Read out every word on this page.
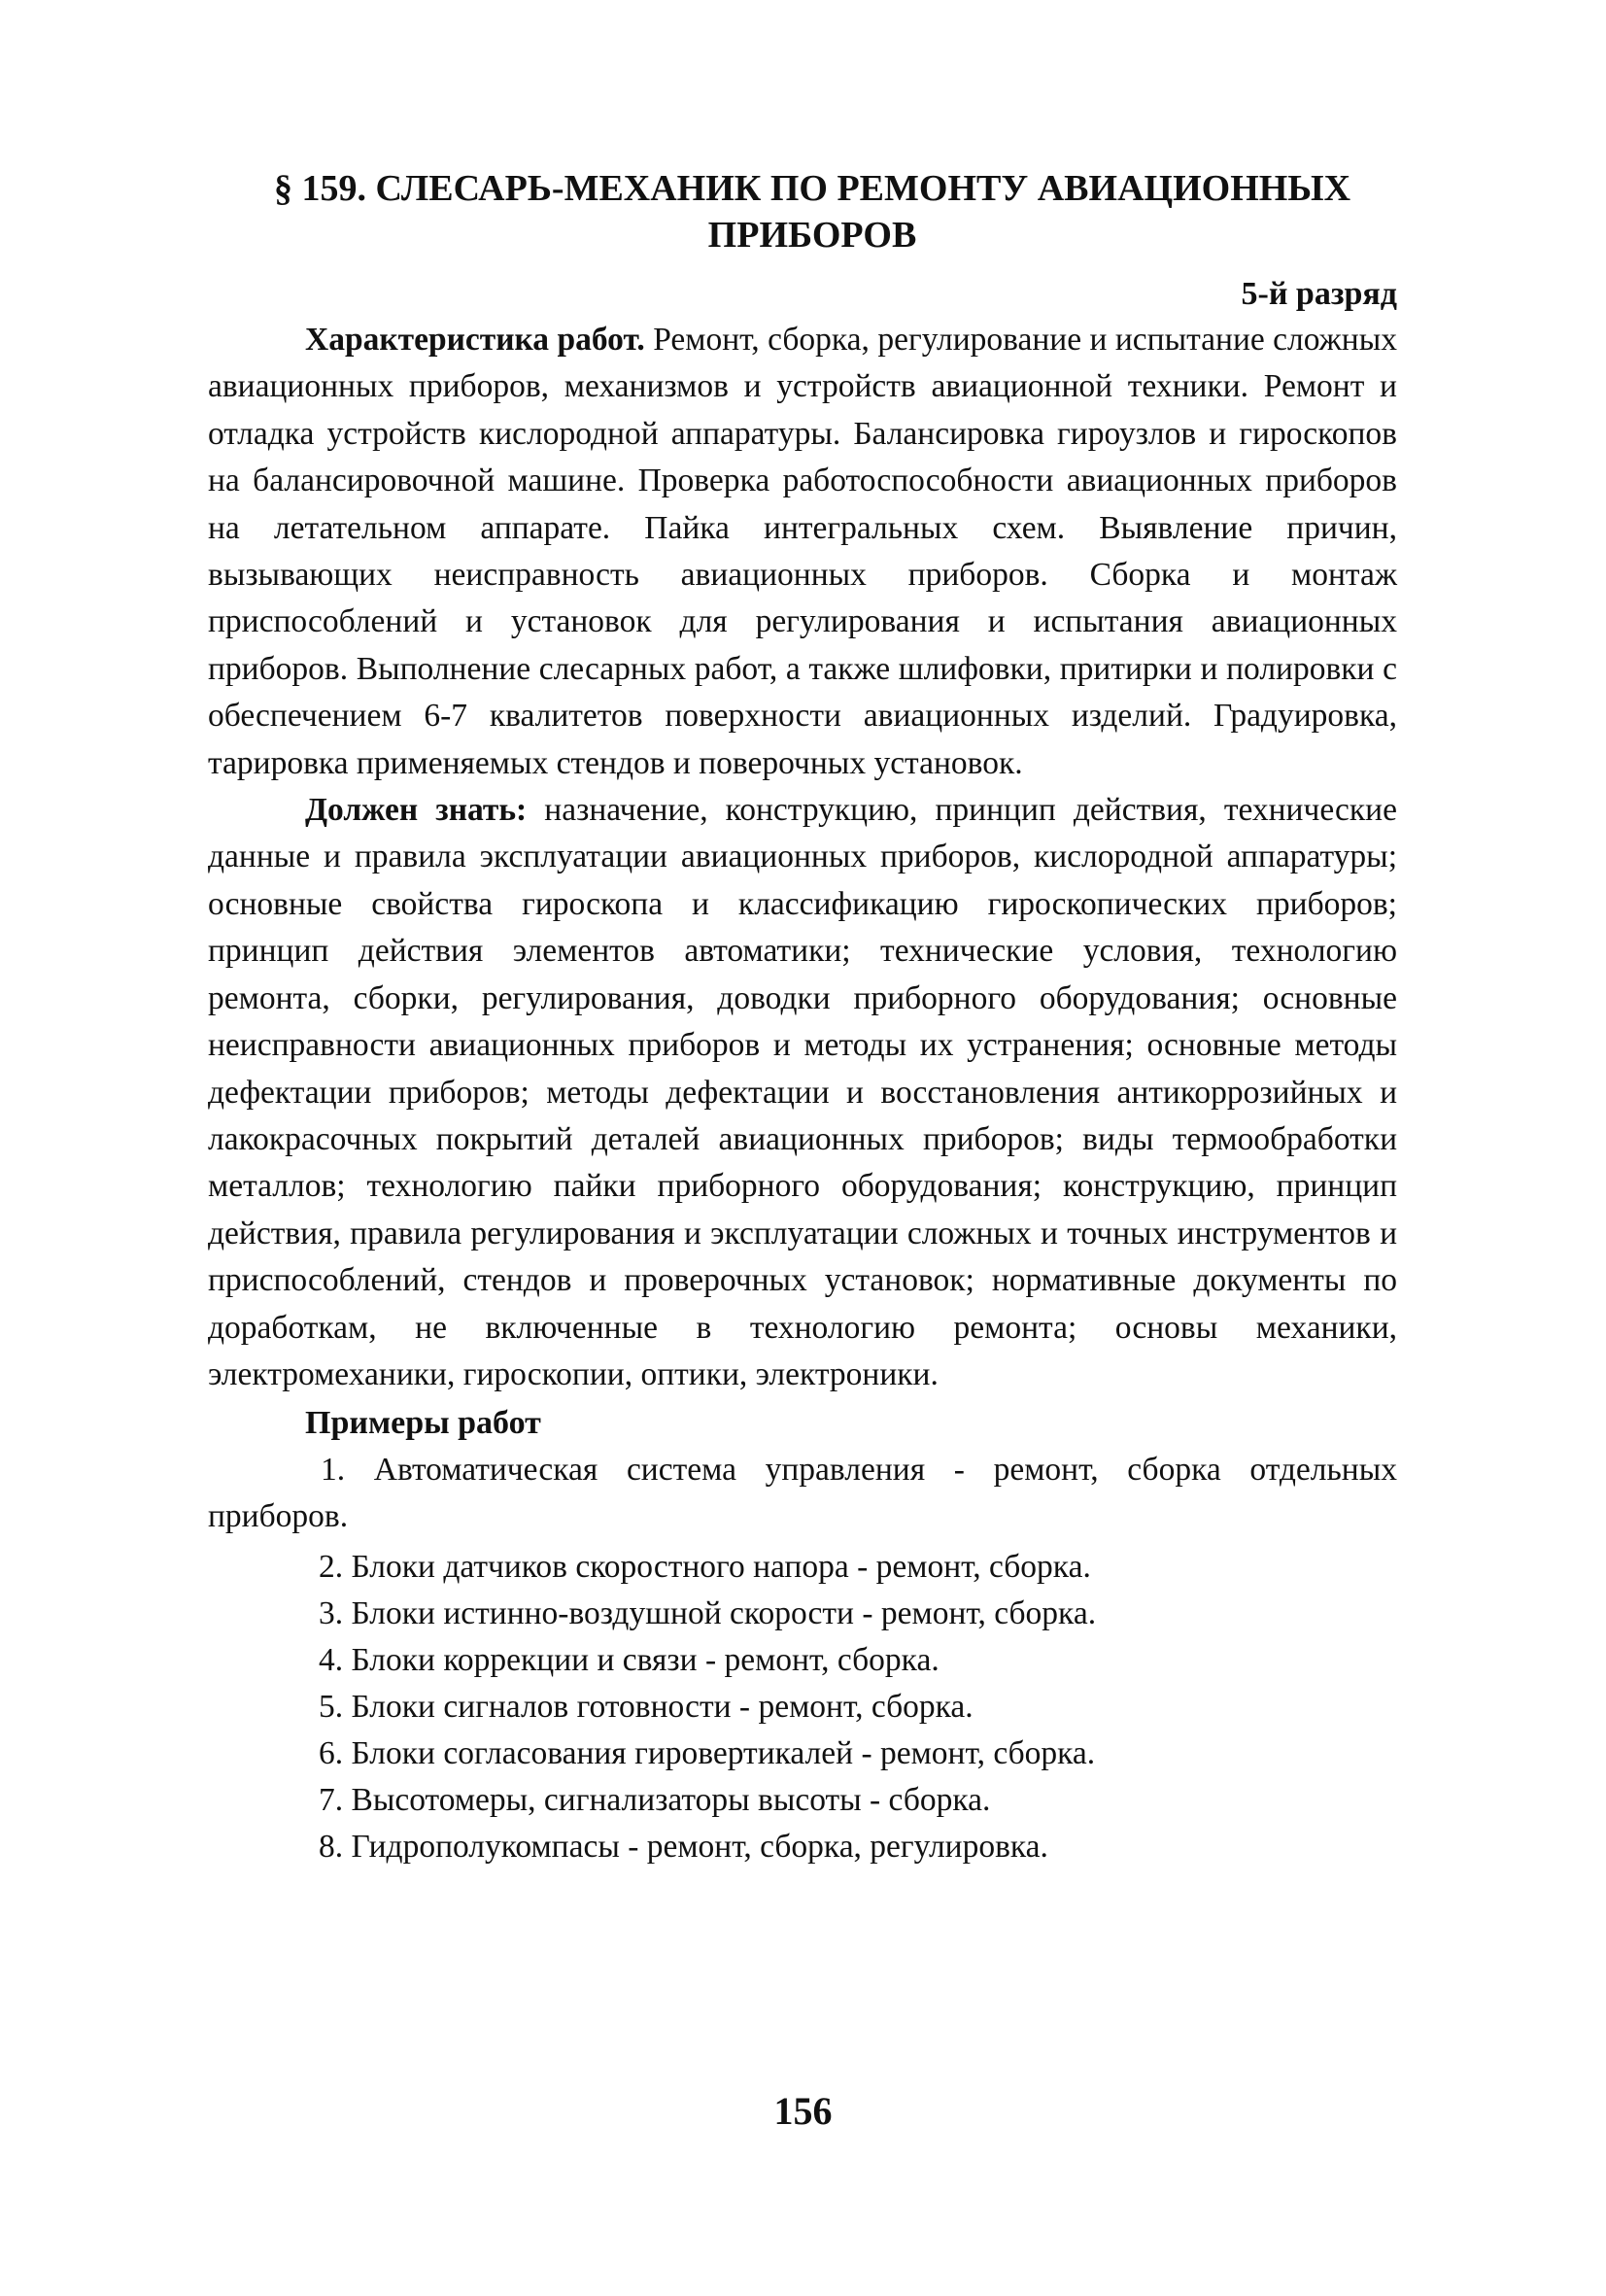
§ 159. СЛЕСАРЬ-МЕХАНИК ПО РЕМОНТУ АВИАЦИОННЫХ ПРИБОРОВ
5-й разряд

Характеристика работ. Ремонт, сборка, регулирование и испытание сложных авиационных приборов, механизмов и устройств авиационной техники. Ремонт и отладка устройств кислородной аппаратуры. Балансировка гироузлов и гироскопов на балансировочной машине. Проверка работоспособности авиационных приборов на летательном аппарате. Пайка интегральных схем. Выявление причин, вызывающих неисправность авиационных приборов. Сборка и монтаж приспособлений и установок для регулирования и испытания авиационных приборов. Выполнение слесарных работ, а также шлифовки, притирки и полировки с обеспечением 6-7 квалитетов поверхности авиационных изделий. Градуировка, тарировка применяемых стендов и поверочных установок.

Должен знать: назначение, конструкцию, принцип действия, технические данные и правила эксплуатации авиационных приборов, кислородной аппаратуры; основные свойства гироскопа и классификацию гироскопических приборов; принцип действия элементов автоматики; технические условия, технологию ремонта, сборки, регулирования, доводки приборного оборудования; основные неисправности авиационных приборов и методы их устранения; основные методы дефектации приборов; методы дефектации и восстановления антикоррозийных и лакокрасочных покрытий деталей авиационных приборов; виды термообработки металлов; технологию пайки приборного оборудования; конструкцию, принцип действия, правила регулирования и эксплуатации сложных и точных инструментов и приспособлений, стендов и проверочных установок; нормативные документы по доработкам, не включенные в технологию ремонта; основы механики, электромеханики, гироскопии, оптики, электроники.

Примеры работ

1. Автоматическая система управления - ремонт, сборка отдельных приборов.

2. Блоки датчиков скоростного напора - ремонт, сборка.

3. Блоки истинно-воздушной скорости - ремонт, сборка.

4. Блоки коррекции и связи - ремонт, сборка.

5. Блоки сигналов готовности - ремонт, сборка.

6. Блоки согласования гировертикалей - ремонт, сборка.

7. Высотомеры, сигнализаторы высоты - сборка.

8. Гидрополукомпасы - ремонт, сборка, регулировка.

156
